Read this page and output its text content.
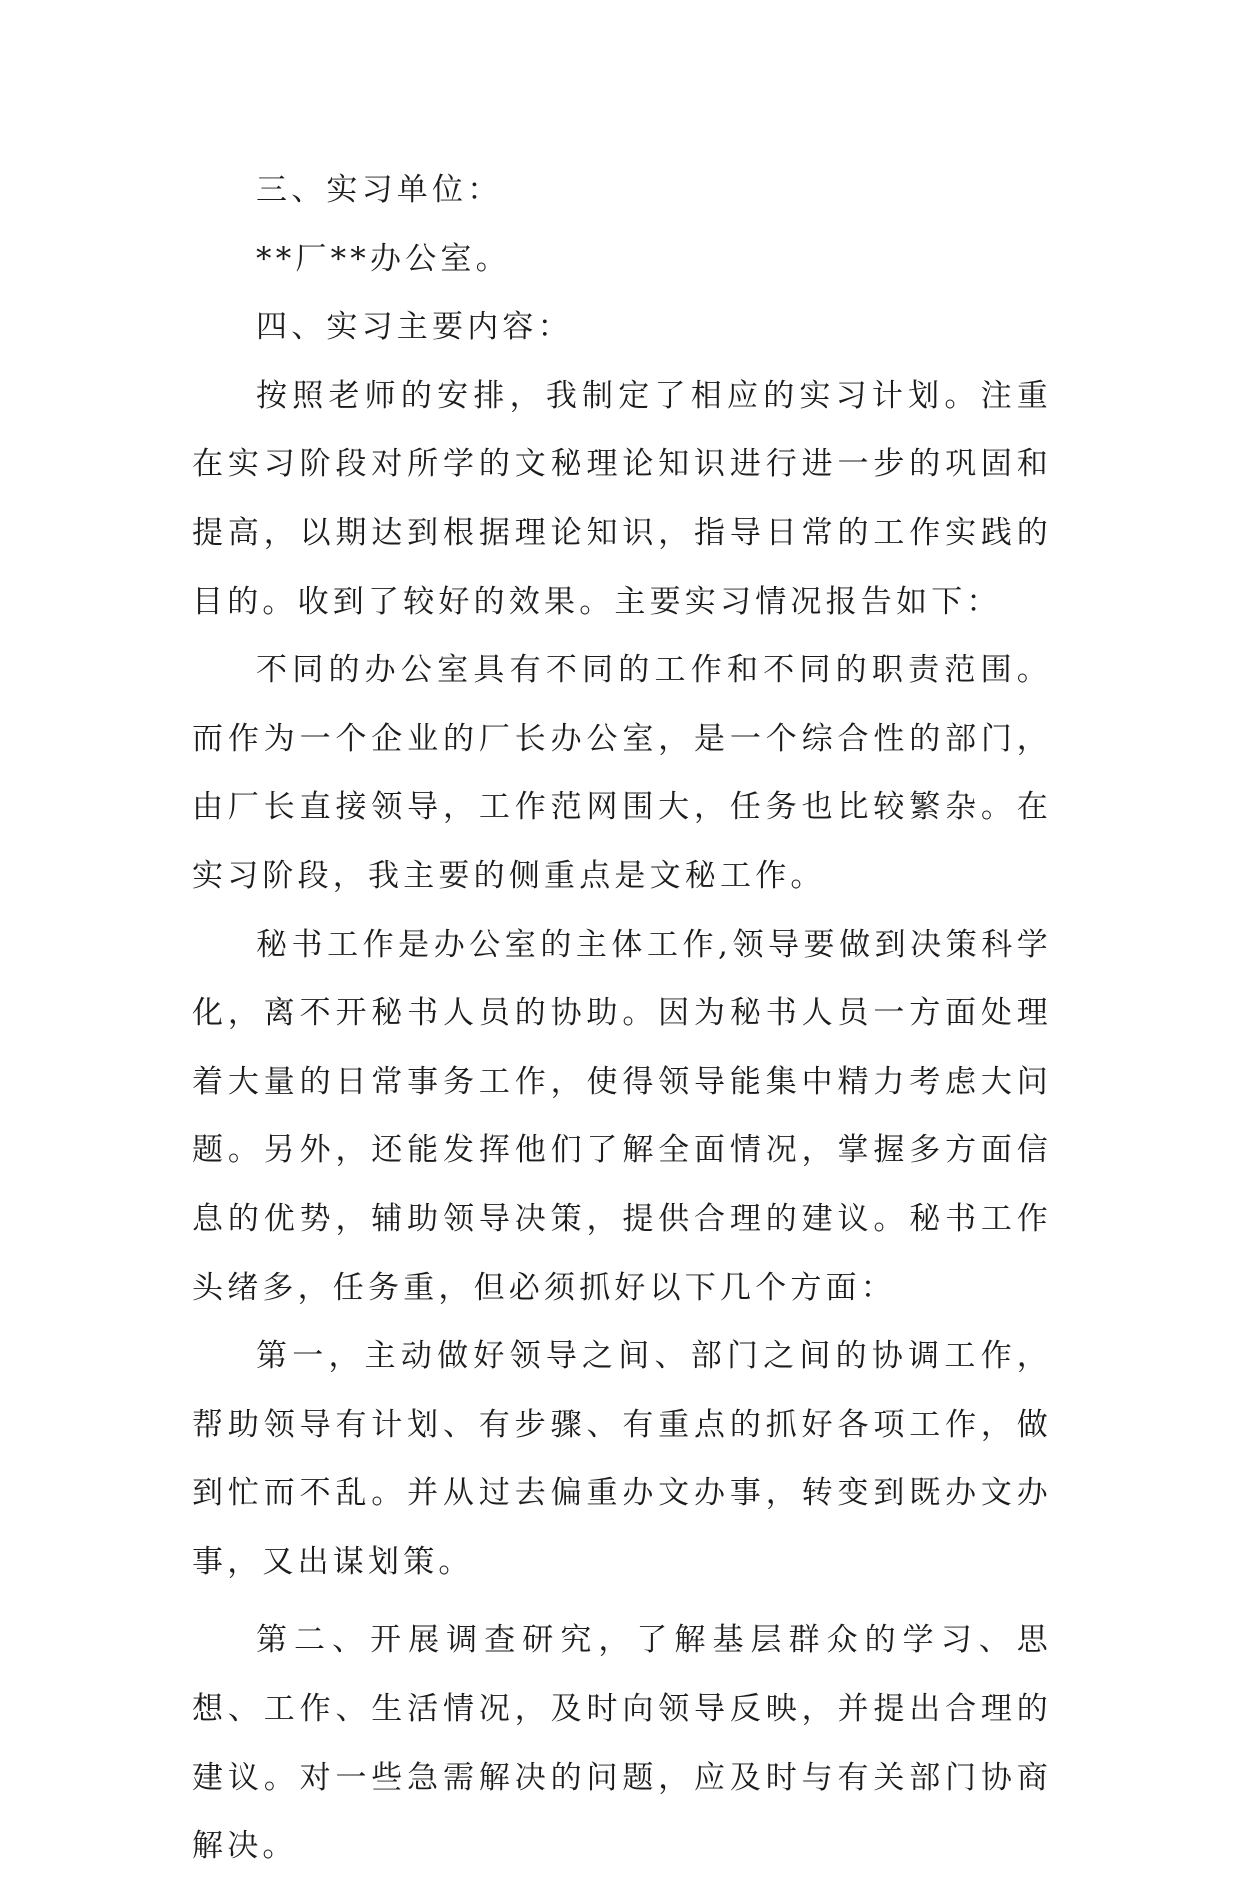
三、实习单位：

**厂**办公室。

四、实习主要内容：

按照老师的安排，我制定了相应的实习计划。注重在实习阶段对所学的文秘理论知识进行进一步的巩固和提高，以期达到根据理论知识，指导日常的工作实践的目的。收到了较好的效果。主要实习情况报告如下：

不同的办公室具有不同的工作和不同的职责范围。而作为一个企业的厂长办公室，是一个综合性的部门，由厂长直接领导，工作范网围大，任务也比较繁杂。在实习阶段，我主要的侧重点是文秘工作。

秘书工作是办公室的主体工作,领导要做到决策科学化，离不开秘书人员的协助。因为秘书人员一方面处理着大量的日常事务工作，使得领导能集中精力考虑大问题。另外，还能发挥他们了解全面情况，掌握多方面信息的优势，辅助领导决策，提供合理的建议。秘书工作头绪多，任务重，但必须抓好以下几个方面：

第一，主动做好领导之间、部门之间的协调工作，帮助领导有计划、有步骤、有重点的抓好各项工作，做到忙而不乱。并从过去偏重办文办事，转变到既办文办事，又出谋划策。

第二、开展调查研究，了解基层群众的学习、思想、工作、生活情况，及时向领导反映，并提出合理的建议。对一些急需解决的问题，应及时与有关部门协商解决。
